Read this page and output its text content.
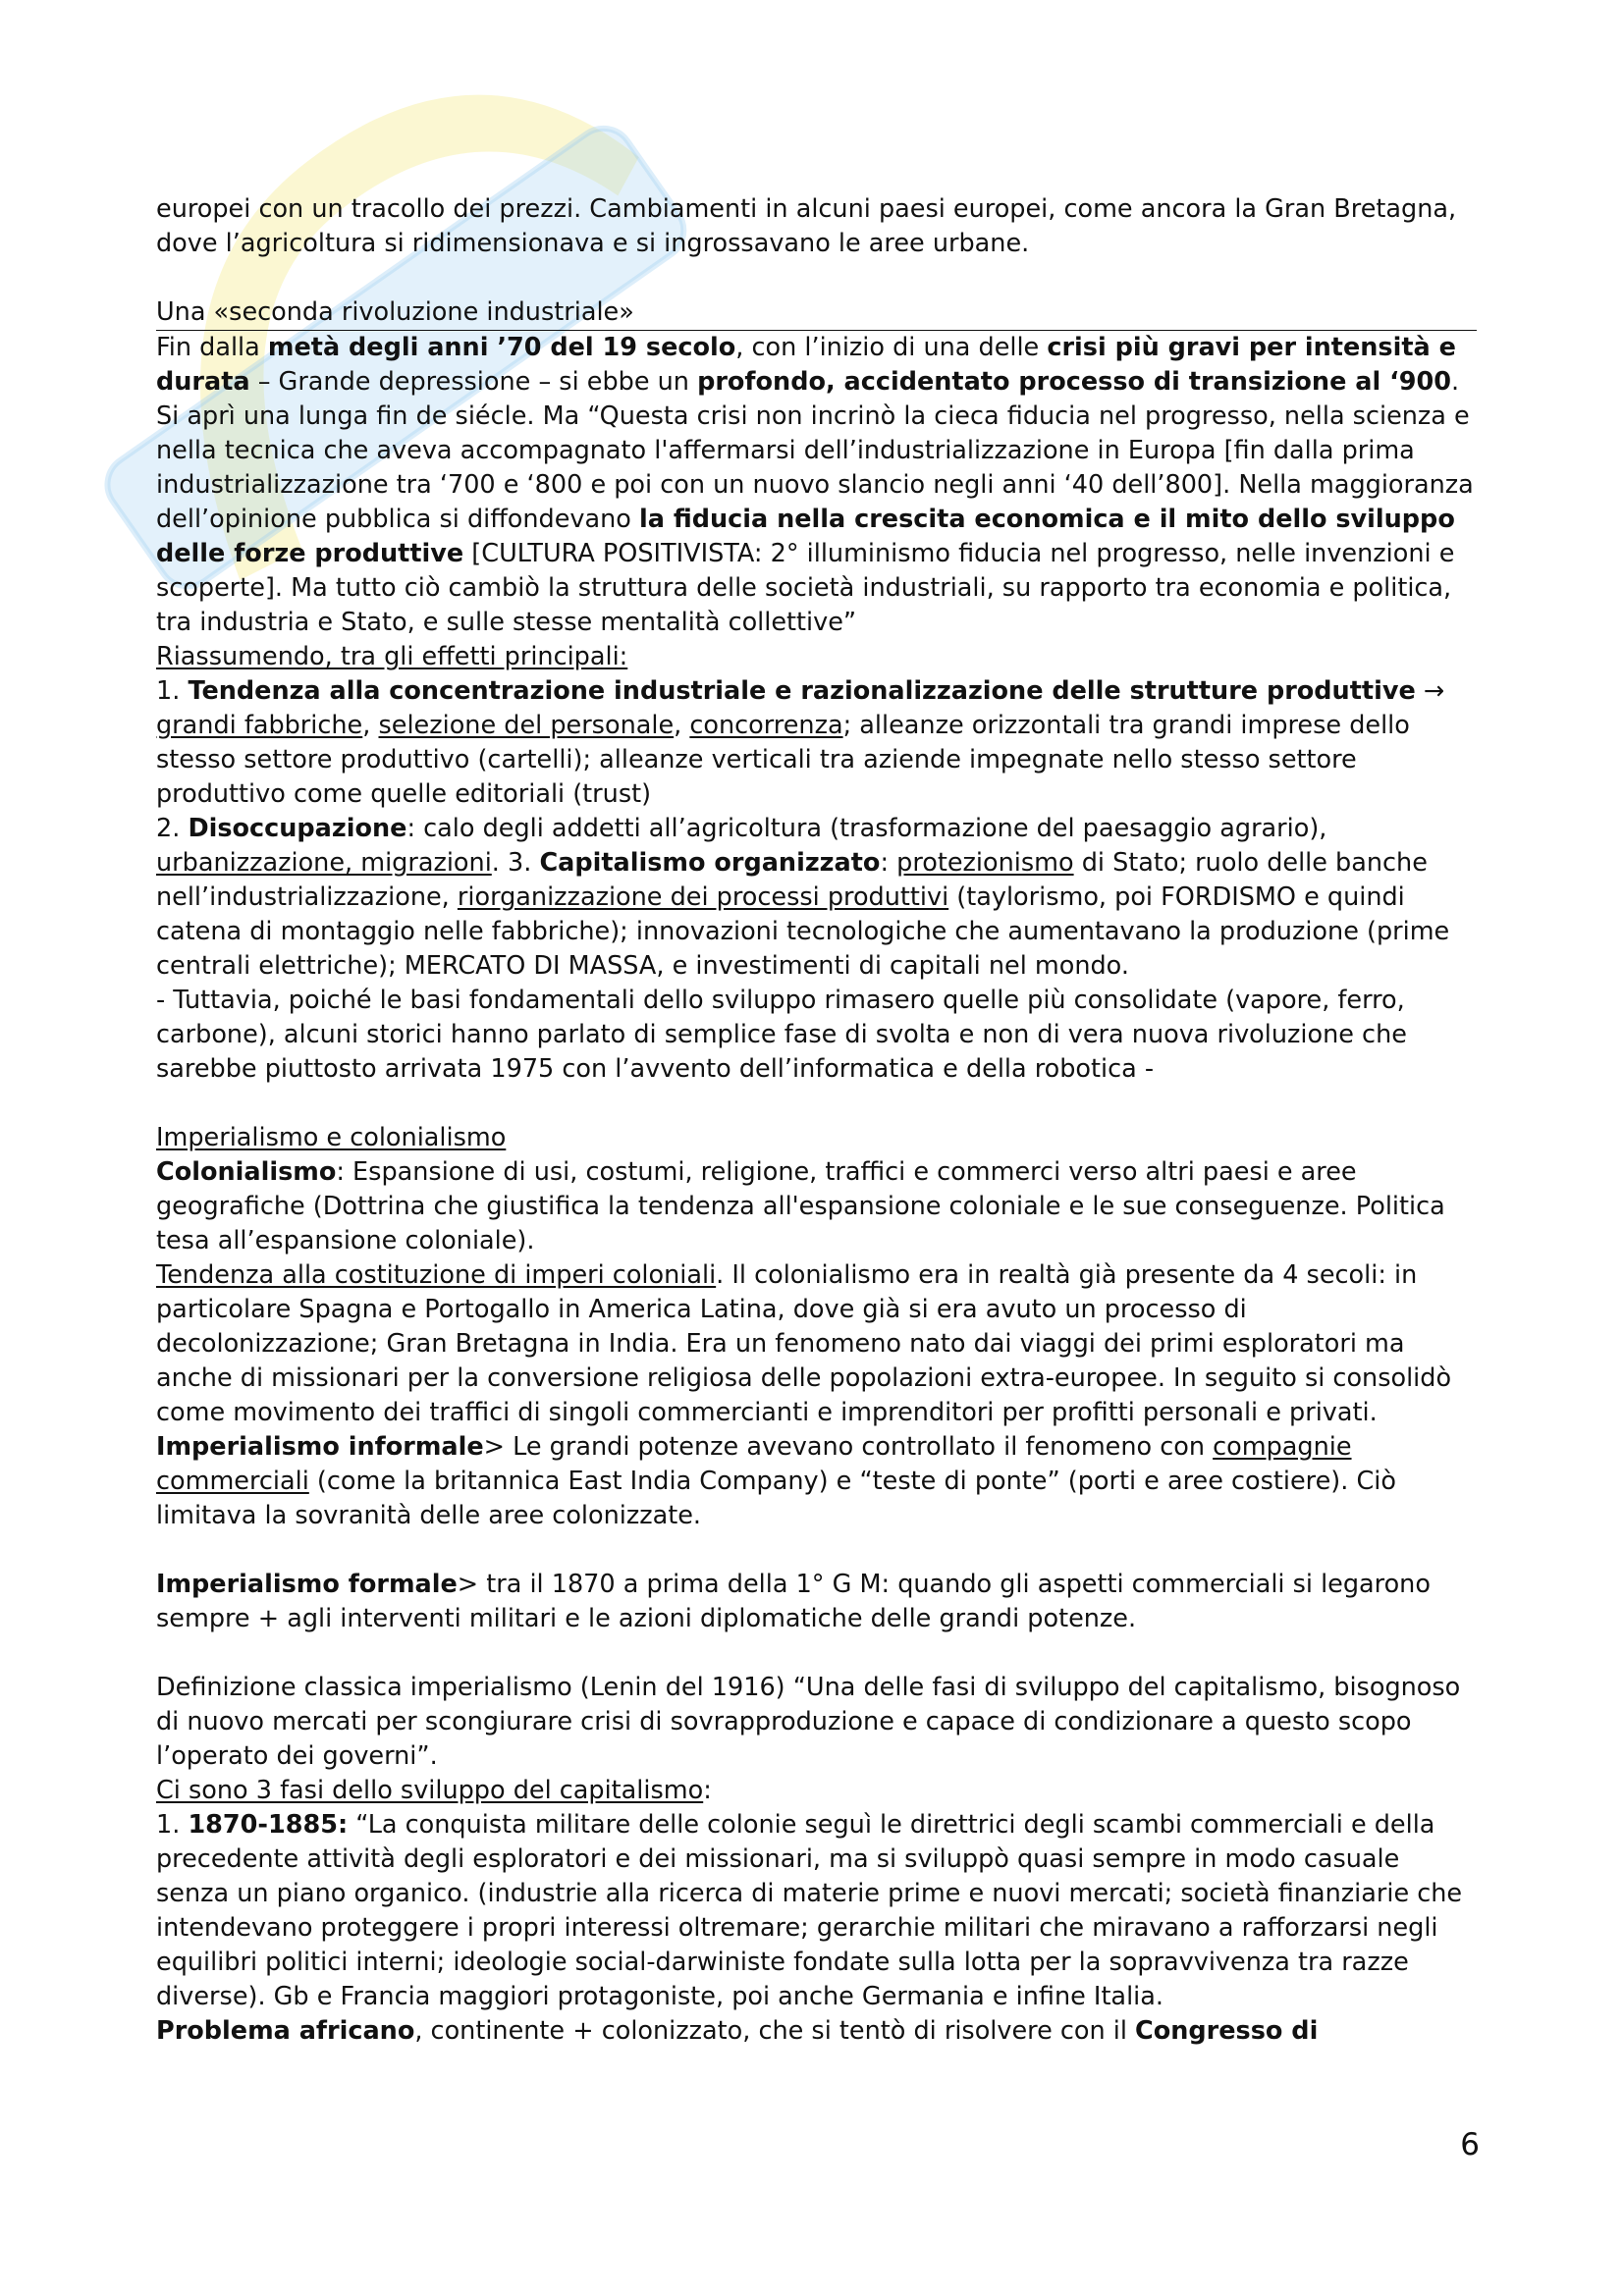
europei con un tracollo dei prezzi. Cambiamenti in alcuni paesi europei, come ancora la Gran Bretagna, dove l’agricoltura si ridimensionava e si ingrossavano le aree urbane.

Una «seconda rivoluzione industriale»

Fin dalla metà degli anni ’70 del 19 secolo, con l’inizio di una delle crisi più gravi per intensità e durata – Grande depressione – si ebbe un profondo, accidentato processo di transizione al ‘900. Si aprì una lunga fin de siécle. Ma “Questa crisi non incrinò la cieca fiducia nel progresso, nella scienza e nella tecnica che aveva accompagnato l'affermarsi dell’industrializzazione in Europa [fin dalla prima industrializzazione tra ‘700 e ‘800 e poi con un nuovo slancio negli anni ‘40 dell’800]. Nella maggioranza dell’opinione pubblica si diffondevano la fiducia nella crescita economica e il mito dello sviluppo delle forze produttive [CULTURA POSITIVISTA: 2° illuminismo fiducia nel progresso, nelle invenzioni e scoperte]. Ma tutto ciò cambiò la struttura delle società industriali, su rapporto tra economia e politica, tra industria e Stato, e sulle stesse mentalità collettive”

Riassumendo, tra gli effetti principali:

1. Tendenza alla concentrazione industriale e razionalizzazione delle strutture produttive → grandi fabbriche, selezione del personale, concorrenza; alleanze orizzontali tra grandi imprese dello stesso settore produttivo (cartelli); alleanze verticali tra aziende impegnate nello stesso settore produttivo come quelle editoriali (trust)

2. Disoccupazione: calo degli addetti all’agricoltura (trasformazione del paesaggio agrario), urbanizzazione, migrazioni. 3. Capitalismo organizzato: protezionismo di Stato; ruolo delle banche nell’industrializzazione, riorganizzazione dei processi produttivi (taylorismo, poi FORDISMO e quindi catena di montaggio nelle fabbriche); innovazioni tecnologiche che aumentavano la produzione (prime centrali elettriche); MERCATO DI MASSA, e investimenti di capitali nel mondo.

- Tuttavia, poiché le basi fondamentali dello sviluppo rimasero quelle più consolidate (vapore, ferro, carbone), alcuni storici hanno parlato di semplice fase di svolta e non di vera nuova rivoluzione che sarebbe piuttosto arrivata 1975 con l’avvento dell’informatica e della robotica -

Imperialismo e colonialismo

Colonialismo: Espansione di usi, costumi, religione, traffici e commerci verso altri paesi e aree geografiche (Dottrina che giustifica la tendenza all'espansione coloniale e le sue conseguenze. Politica tesa all’espansione coloniale).

Tendenza alla costituzione di imperi coloniali. Il colonialismo era in realtà già presente da 4 secoli: in particolare Spagna e Portogallo in America Latina, dove già si era avuto un processo di decolonizzazione; Gran Bretagna in India. Era un fenomeno nato dai viaggi dei primi esploratori ma anche di missionari per la conversione religiosa delle popolazioni extra-europee. In seguito si consolidò come movimento dei traffici di singoli commercianti e imprenditori per profitti personali e privati. Imperialismo informale> Le grandi potenze avevano controllato il fenomeno con compagnie commerciali (come la britannica East India Company) e “teste di ponte” (porti e aree costiere). Ciò limitava la sovranità delle aree colonizzate.

Imperialismo formale> tra il 1870 a prima della 1° G M: quando gli aspetti commerciali si legarono sempre + agli interventi militari e le azioni diplomatiche delle grandi potenze.

Definizione classica imperialismo (Lenin del 1916) “Una delle fasi di sviluppo del capitalismo, bisognoso di nuovo mercati per scongiurare crisi di sovrapproduzione e capace di condizionare a questo scopo l’operato dei governi”.

Ci sono 3 fasi dello sviluppo del capitalismo:

1. 1870-1885: “La conquista militare delle colonie seguì le direttrici degli scambi commerciali e della precedente attività degli esploratori e dei missionari, ma si sviluppò quasi sempre in modo casuale senza un piano organico. (industrie alla ricerca di materie prime e nuovi mercati; società finanziarie che intendevano proteggere i propri interessi oltremare; gerarchie militari che miravano a rafforzarsi negli equilibri politici interni; ideologie social-darwiniste fondate sulla lotta per la sopravvivenza tra razze diverse). Gb e Francia maggiori protagoniste, poi anche Germania e infine Italia.

Problema africano, continente + colonizzato, che si tentò di risolvere con il Congresso di

6
